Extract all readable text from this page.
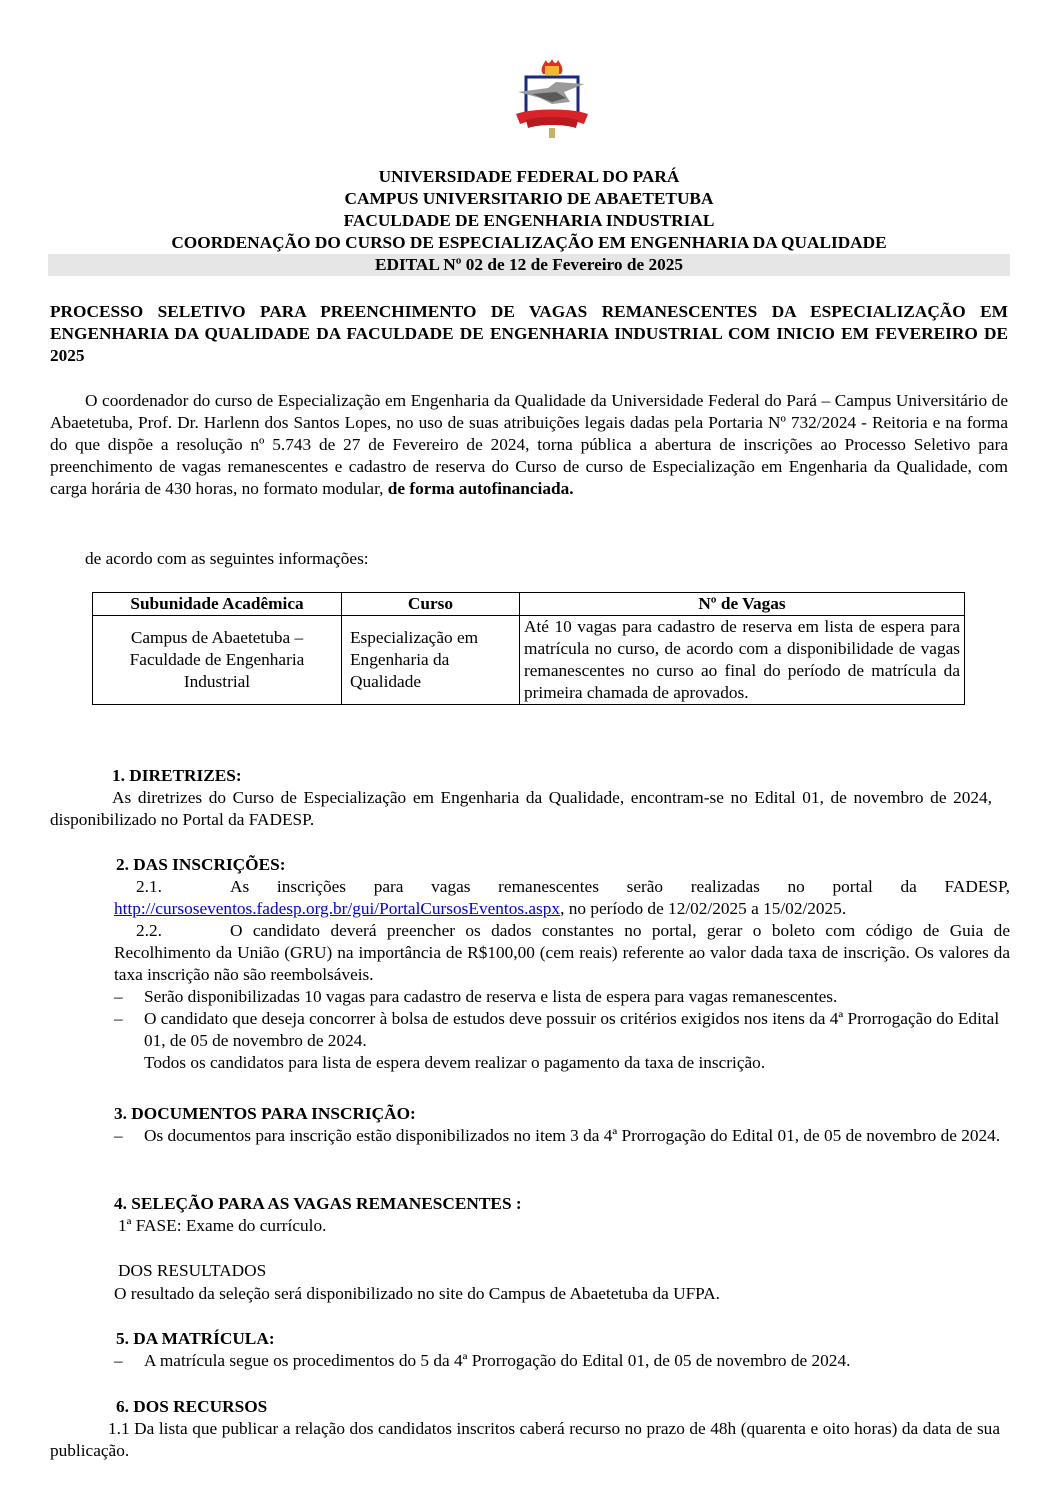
UNIVERSIDADE FEDERAL DO PARÁ
CAMPUS UNIVERSITARIO DE ABAETETUBA
FACULDADE DE ENGENHARIA INDUSTRIAL
COORDENAÇÃO DO CURSO DE ESPECIALIZAÇÃO EM ENGENHARIA DA QUALIDADE
EDITAL Nº 02 de 12 de Fevereiro de 2025
PROCESSO SELETIVO PARA PREENCHIMENTO DE VAGAS REMANESCENTES DA ESPECIALIZAÇÃO EM ENGENHARIA DA QUALIDADE DA FACULDADE DE ENGENHARIA INDUSTRIAL COM INICIO EM FEVEREIRO DE 2025

O coordenador do curso de Especialização em Engenharia da Qualidade da Universidade Federal do Pará – Campus Universitário de Abaetetuba, Prof. Dr. Harlenn dos Santos Lopes, no uso de suas atribuições legais dadas pela Portaria Nº 732/2024 - Reitoria e na forma do que dispõe a resolução nº 5.743 de 27 de Fevereiro de 2024, torna pública a abertura de inscrições ao Processo Seletivo para preenchimento de vagas remanescentes e cadastro de reserva do Curso de curso de Especialização em Engenharia da Qualidade, com carga horária de 430 horas, no formato modular, de forma autofinanciada.

de acordo com as seguintes informações:
Subunidade Acadêmica	Curso	Nº de Vagas
Campus de Abaetetuba – Faculdade de Engenharia Industrial	Especialização em Engenharia da Qualidade	Até 10 vagas para cadastro de reserva em lista de espera para matrícula no curso, de acordo com a disponibilidade de vagas remanescentes no curso ao final do período de matrícula da primeira chamada de aprovados.
1. DIRETRIZES:
As diretrizes do Curso de Especialização em Engenharia da Qualidade, encontram-se no Edital 01, de novembro de 2024, disponibilizado no Portal da FADESP.
2. DAS INSCRIÇÕES:
2.1.	As inscrições para vagas remanescentes serão realizadas no portal da FADESP,
http://cursoseventos.fadesp.org.br/gui/PortalCursosEventos.aspx, no período de 12/02/2025 a 15/02/2025.
2.2.	O candidato deverá preencher os dados constantes no portal, gerar o boleto com código de Guia de
Recolhimento da União (GRU) na importância de R$100,00 (cem reais) referente ao valor dada taxa de inscrição. Os valores da taxa inscrição não são reembolsáveis.
– Serão disponibilizadas 10 vagas para cadastro de reserva e lista de espera para vagas remanescentes.
– O candidato que deseja concorrer à bolsa de estudos deve possuir os critérios exigidos nos itens da 4ª Prorrogação do Edital 01, de 05 de novembro de 2024.
Todos os candidatos para lista de espera devem realizar o pagamento da taxa de inscrição.
3. DOCUMENTOS PARA INSCRIÇÃO:
– Os documentos para inscrição estão disponibilizados no item 3 da 4ª Prorrogação do Edital 01, de 05 de novembro de 2024.
4. SELEÇÃO PARA AS VAGAS REMANESCENTES :
1ª FASE: Exame do currículo.
DOS RESULTADOS
O resultado da seleção será disponibilizado no site do Campus de Abaetetuba da UFPA.
5. DA MATRÍCULA:
– A matrícula segue os procedimentos do 5 da 4ª Prorrogação do Edital 01, de 05 de novembro de 2024.
6. DOS RECURSOS
1.1 Da lista que publicar a relação dos candidatos inscritos caberá recurso no prazo de 48h (quarenta e oito horas) da data de sua publicação.
